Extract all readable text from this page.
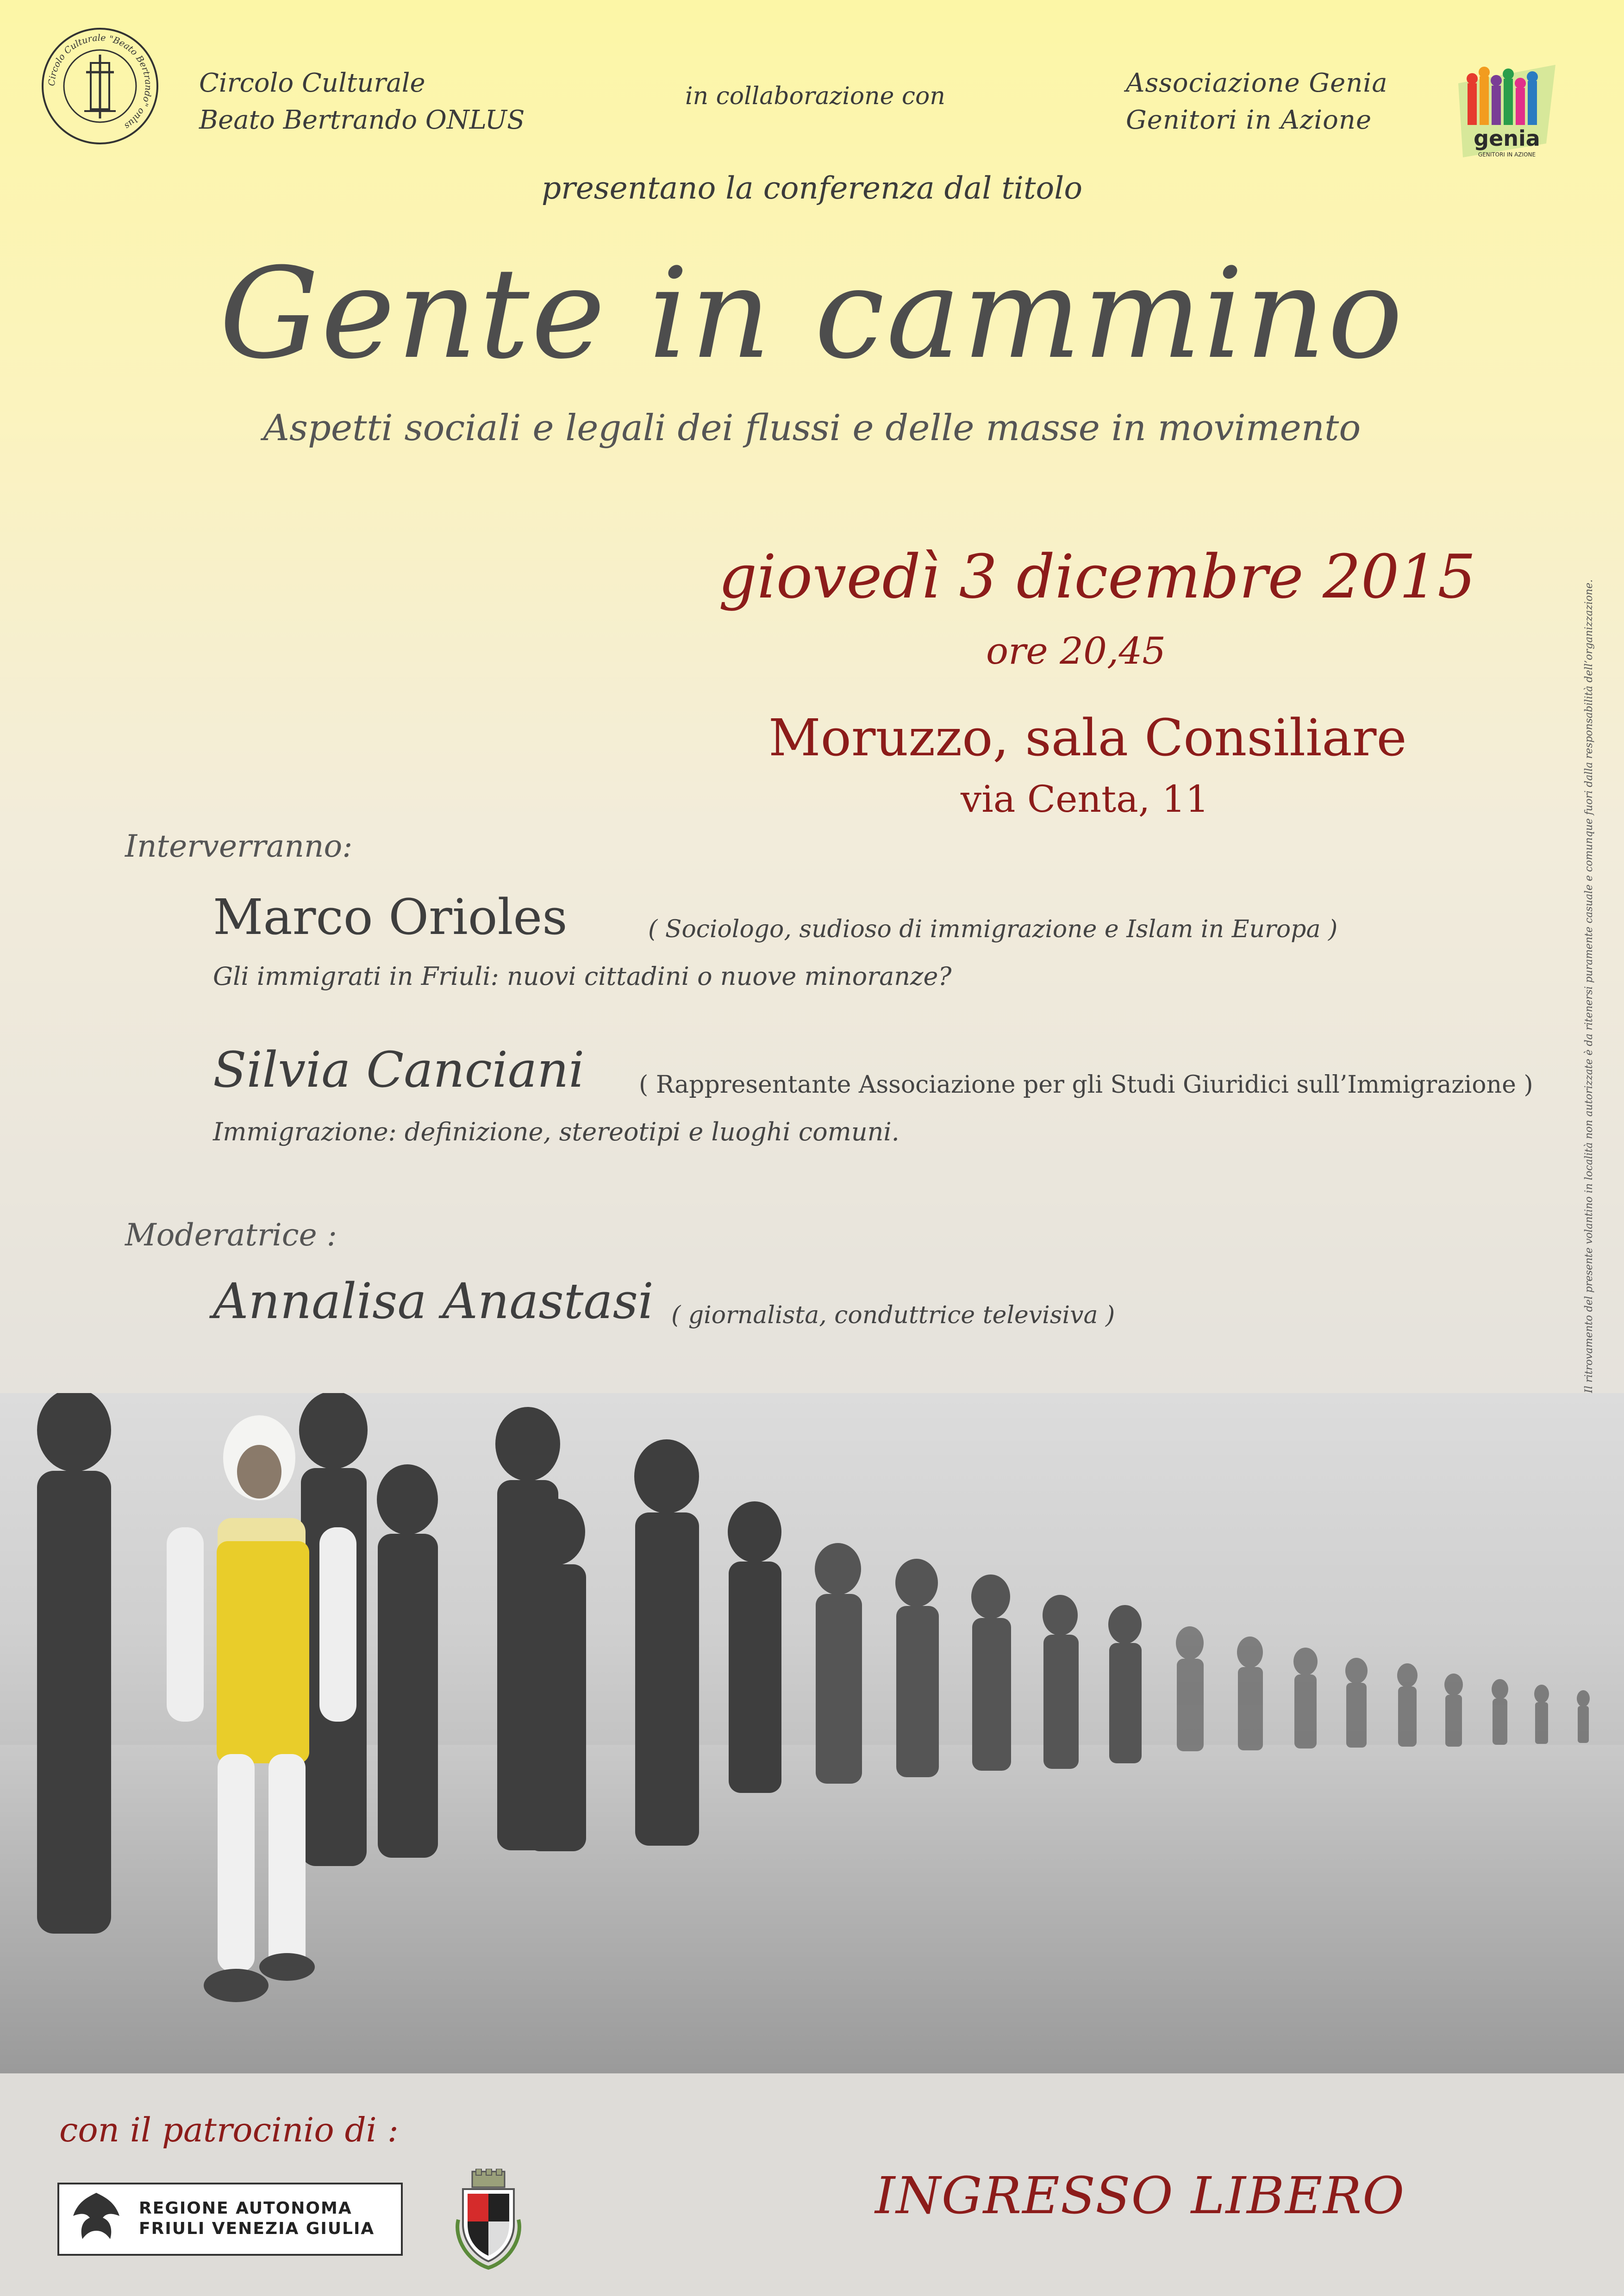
Circolo Culturale "Beato Bertrando" onlus
Circolo Culturale
Beato Bertrando ONLUS
in collaborazione con	Associazione Genia
Genitori in Azione
genia
GENITORI IN AZIONE
presentano la conferenza dal titolo
Gente in cammino
Aspetti sociali e legali dei flussi e delle masse in movimento
giovedì 3 dicembre 2015
ore 20,45
Moruzzo, sala Consiliare
via Centa, 11
Interverranno:
Marco Orioles	( Sociologo, sudioso di immigrazione e Islam in Europa )
Gli immigrati in Friuli: nuovi cittadini o nuove minoranze?
Silvia Canciani ( Rappresentante Associazione per gli Studi Giuridici sull’Immigrazione )
Immigrazione: definizione, stereotipi e luoghi comuni.
Moderatrice :
Annalisa Anastasi ( giornalista, conduttrice televisiva )	Il ritrovamento del presente volantino in località non autorizzate è da ritenersi puramente casuale e comunque fuori dalla responsabilità dell’organizzazione.
con il patrocinio di :
REGIONE AUTONOMA
FRIULI VENEZIA GIULIA
INGRESSO LIBERO
